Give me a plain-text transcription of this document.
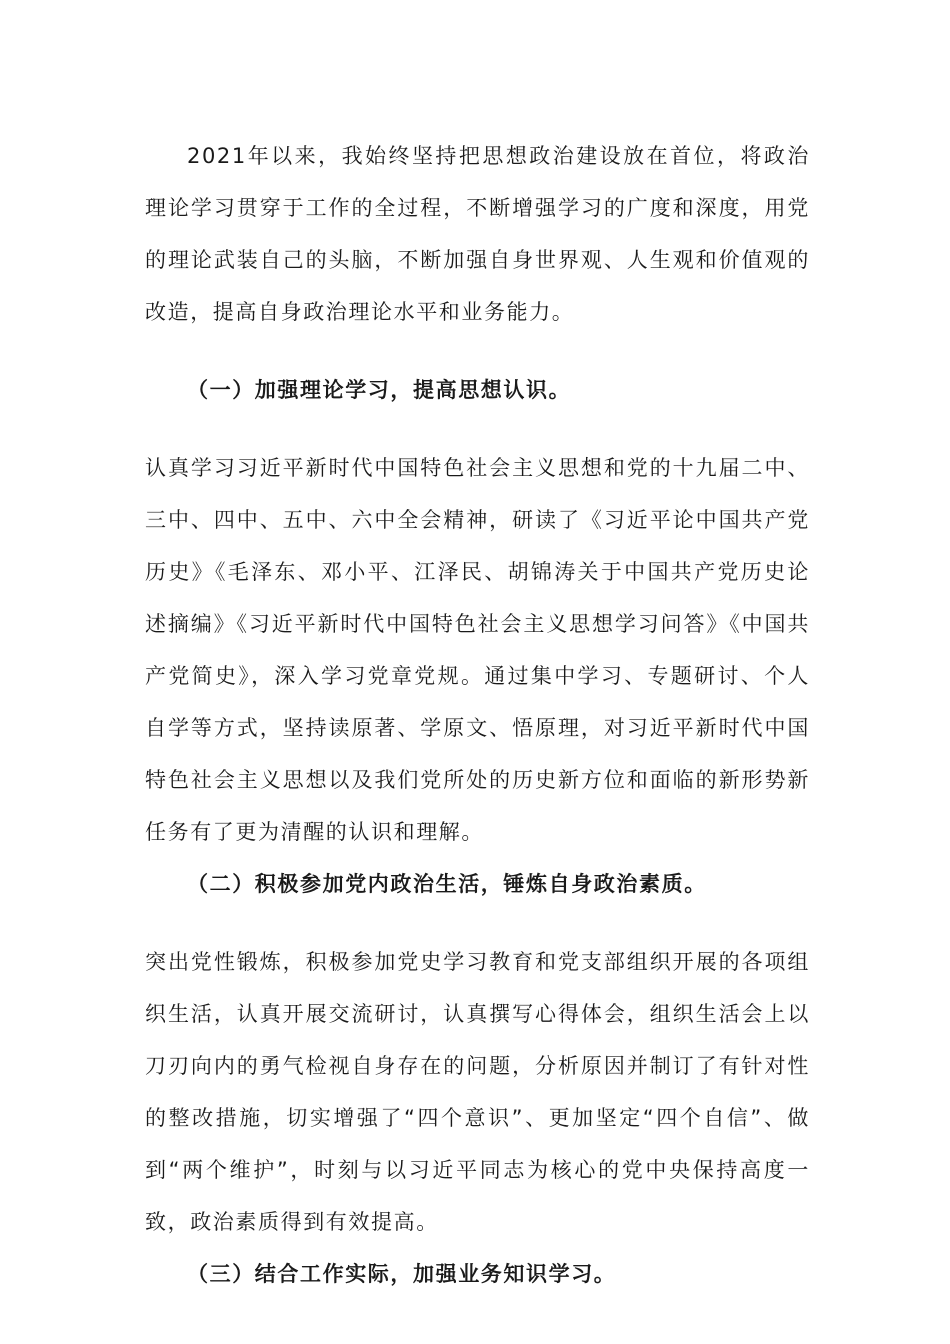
2021年以来，我始终坚持把思想政治建设放在首位，将政治理论学习贯穿于工作的全过程，不断增强学习的广度和深度，用党的理论武装自己的头脑，不断加强自身世界观、人生观和价值观的改造，提高自身政治理论水平和业务能力。

（一）加强理论学习，提高思想认识。

认真学习习近平新时代中国特色社会主义思想和党的十九届二中、三中、四中、五中、六中全会精神，研读了《习近平论中国共产党历史》《毛泽东、邓小平、江泽民、胡锦涛关于中国共产党历史论述摘编》《习近平新时代中国特色社会主义思想学习问答》《中国共产党简史》，深入学习党章党规。通过集中学习、专题研讨、个人自学等方式，坚持读原著、学原文、悟原理，对习近平新时代中国特色社会主义思想以及我们党所处的历史新方位和面临的新形势新任务有了更为清醒的认识和理解。

（二）积极参加党内政治生活，锤炼自身政治素质。

突出党性锻炼，积极参加党史学习教育和党支部组织开展的各项组织生活，认真开展交流研讨，认真撰写心得体会，组织生活会上以刀刃向内的勇气检视自身存在的问题，分析原因并制订了有针对性的整改措施，切实增强了“四个意识”、更加坚定“四个自信”、做到“两个维护”，时刻与以习近平同志为核心的党中央保持高度一致，政治素质得到有效提高。

（三）结合工作实际，加强业务知识学习。
